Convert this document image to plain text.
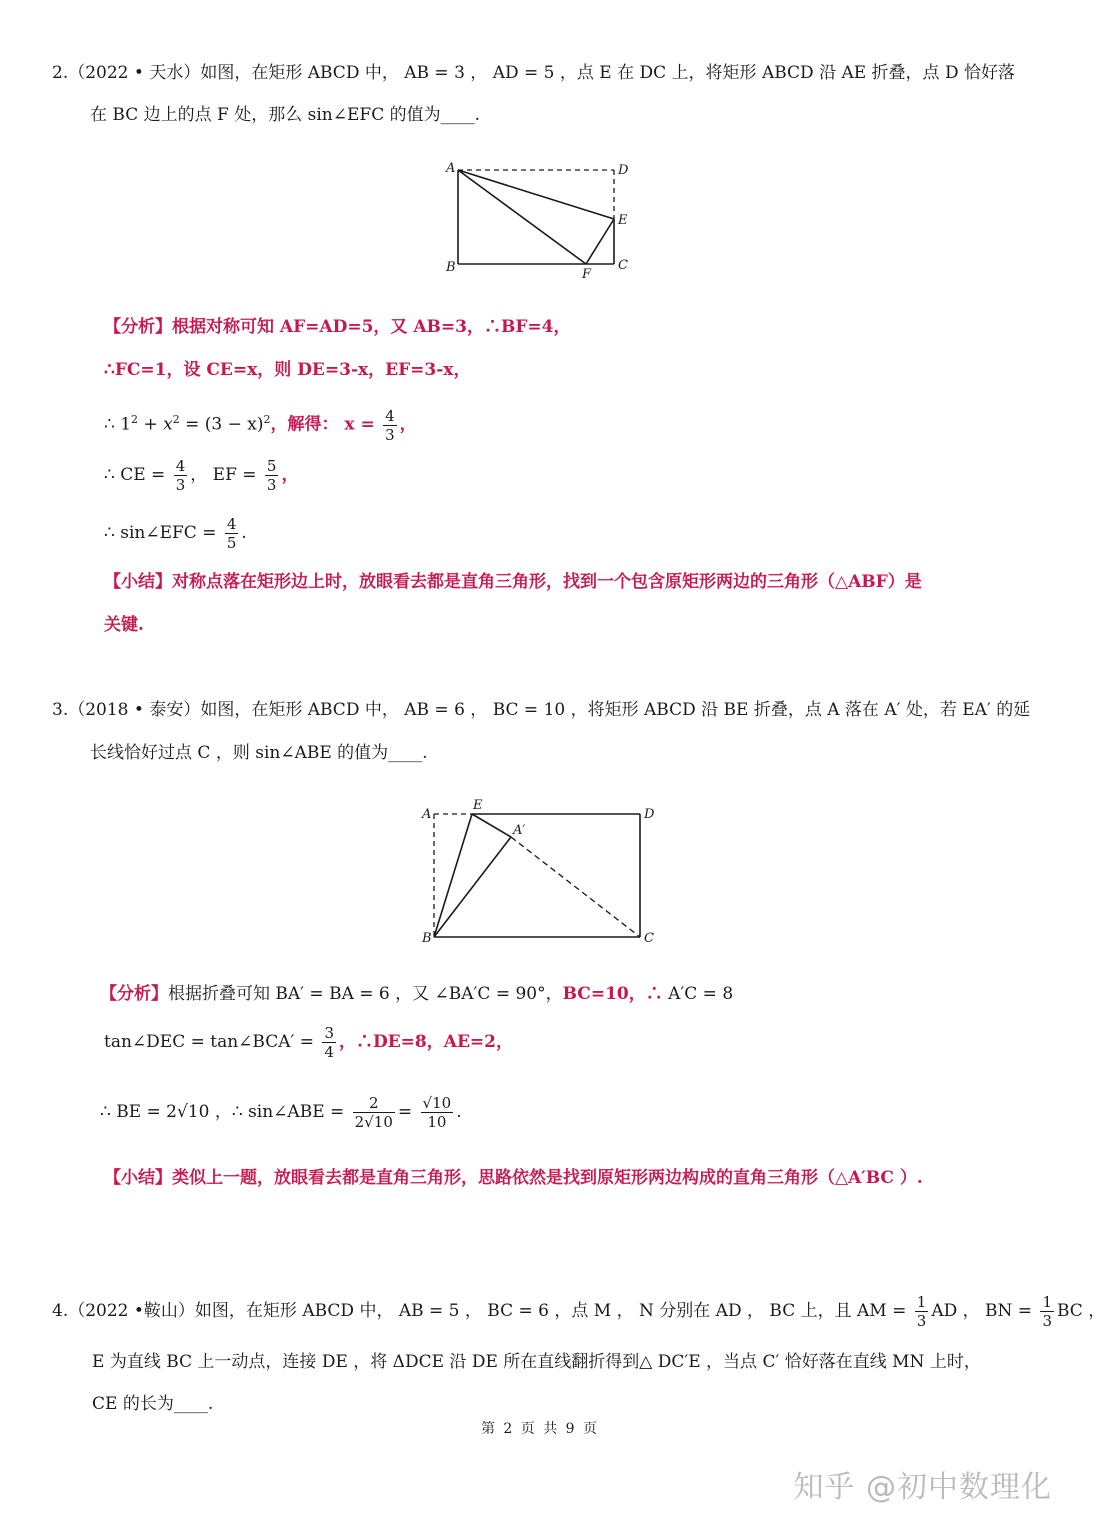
2.（2022 • 天水）如图，在矩形 ABCD 中， AB = 3 ， AD = 5 ，点 E 在 DC 上，将矩形 ABCD 沿 AE 折叠，点 D 恰好落
在 BC 边上的点 F 处，那么 sin∠EFC 的值为____.
A	D
E
B	C
F
【分析】根据对称可知 AF=AD=5，又 AB=3，∴BF=4，
∴FC=1，设 CE=x，则 DE=3-x，EF=3-x，
∴ $1^2 + x^2 = (3 - x)^2$，解得： $x = \frac{4}{3}$ ，
∴ CE = $\frac{4}{3}$ ， EF = $\frac{5}{3}$ ，
∴ sin∠EFC = $\frac{4}{5}$ .
【小结】对称点落在矩形边上时，放眼看去都是直角三角形，找到一个包含原矩形两边的三角形（△ABF）是
关键.
3.（2018 • 泰安）如图，在矩形 ABCD 中， AB = 6 ， BC = 10 ，将矩形 ABCD 沿 BE 折叠，点 A 落在 A′ 处，若 EA′ 的延
长线恰好过点 C ，则 sin∠ABE 的值为____.
A
E
A′
D
B	C
【分析】根据折叠可知 BA′ = BA = 6 ，又 ∠BA′C = 90°，BC=10，∴ A′C = 8
tan∠DEC = tan∠BCA′ = $\frac{3}{4}$ ，∴DE=8，AE=2，
∴ BE = 2√10 ，∴ sin∠ABE = $\frac{2}{2√10} = \frac{√10}{10}$ .
【小结】类似上一题，放眼看去都是直角三角形，思路依然是找到原矩形两边构成的直角三角形（△A′BC ）.
4.（2022 •鞍山）如图，在矩形 ABCD 中， AB = 5 ， BC = 6 ，点 M ， N 分别在 AD ， BC 上，且 AM = $\frac{1}{3}$ AD ， BN = $\frac{1}{3}$ BC ，
E 为直线 BC 上一动点，连接 DE ，将 ΔDCE 沿 DE 所在直线翻折得到△ DC′E ，当点 C′ 恰好落在直线 MN 上时，
CE 的长为____.
第 2 页 共 9 页
知乎 @初中数理化
